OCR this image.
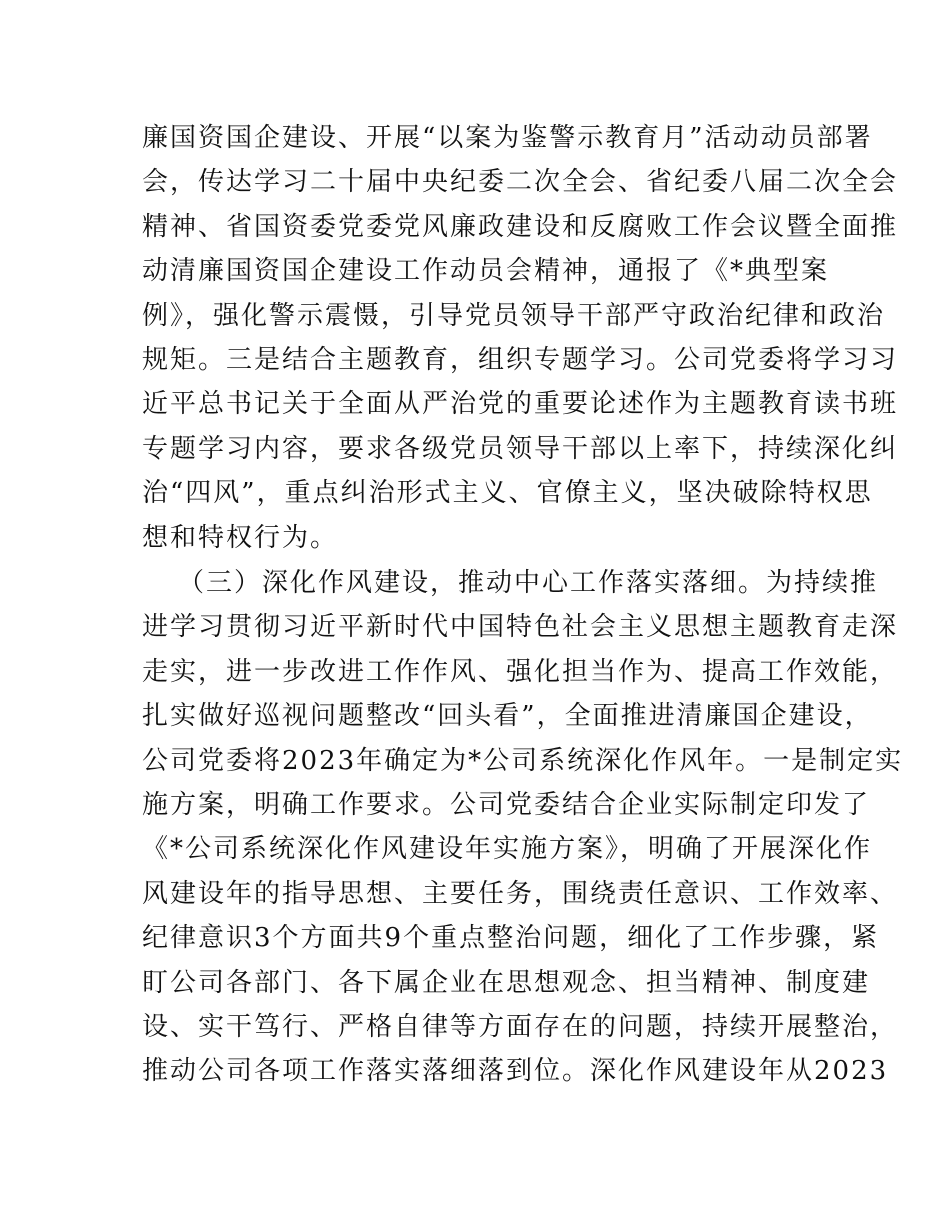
廉国资国企建设、开展“以案为鉴警示教育月”活动动员部署
会，传达学习二十届中央纪委二次全会、省纪委八届二次全会
精神、省国资委党委党风廉政建设和反腐败工作会议暨全面推
动清廉国资国企建设工作动员会精神，通报了《*典型案
例》，强化警示震慑，引导党员领导干部严守政治纪律和政治
规矩。三是结合主题教育，组织专题学习。公司党委将学习习
近平总书记关于全面从严治党的重要论述作为主题教育读书班
专题学习内容，要求各级党员领导干部以上率下，持续深化纠
治“四风”，重点纠治形式主义、官僚主义，坚决破除特权思
想和特权行为。
（三）深化作风建设，推动中心工作落实落细。为持续推
进学习贯彻习近平新时代中国特色社会主义思想主题教育走深
走实，进一步改进工作作风、强化担当作为、提高工作效能，
扎实做好巡视问题整改“回头看”，全面推进清廉国企建设，
公司党委将2023年确定为*公司系统深化作风年。一是制定实
施方案，明确工作要求。公司党委结合企业实际制定印发了
《*公司系统深化作风建设年实施方案》，明确了开展深化作
风建设年的指导思想、主要任务，围绕责任意识、工作效率、
纪律意识3个方面共9个重点整治问题，细化了工作步骤，紧
盯公司各部门、各下属企业在思想观念、担当精神、制度建
设、实干笃行、严格自律等方面存在的问题，持续开展整治，
推动公司各项工作落实落细落到位。深化作风建设年从2023
